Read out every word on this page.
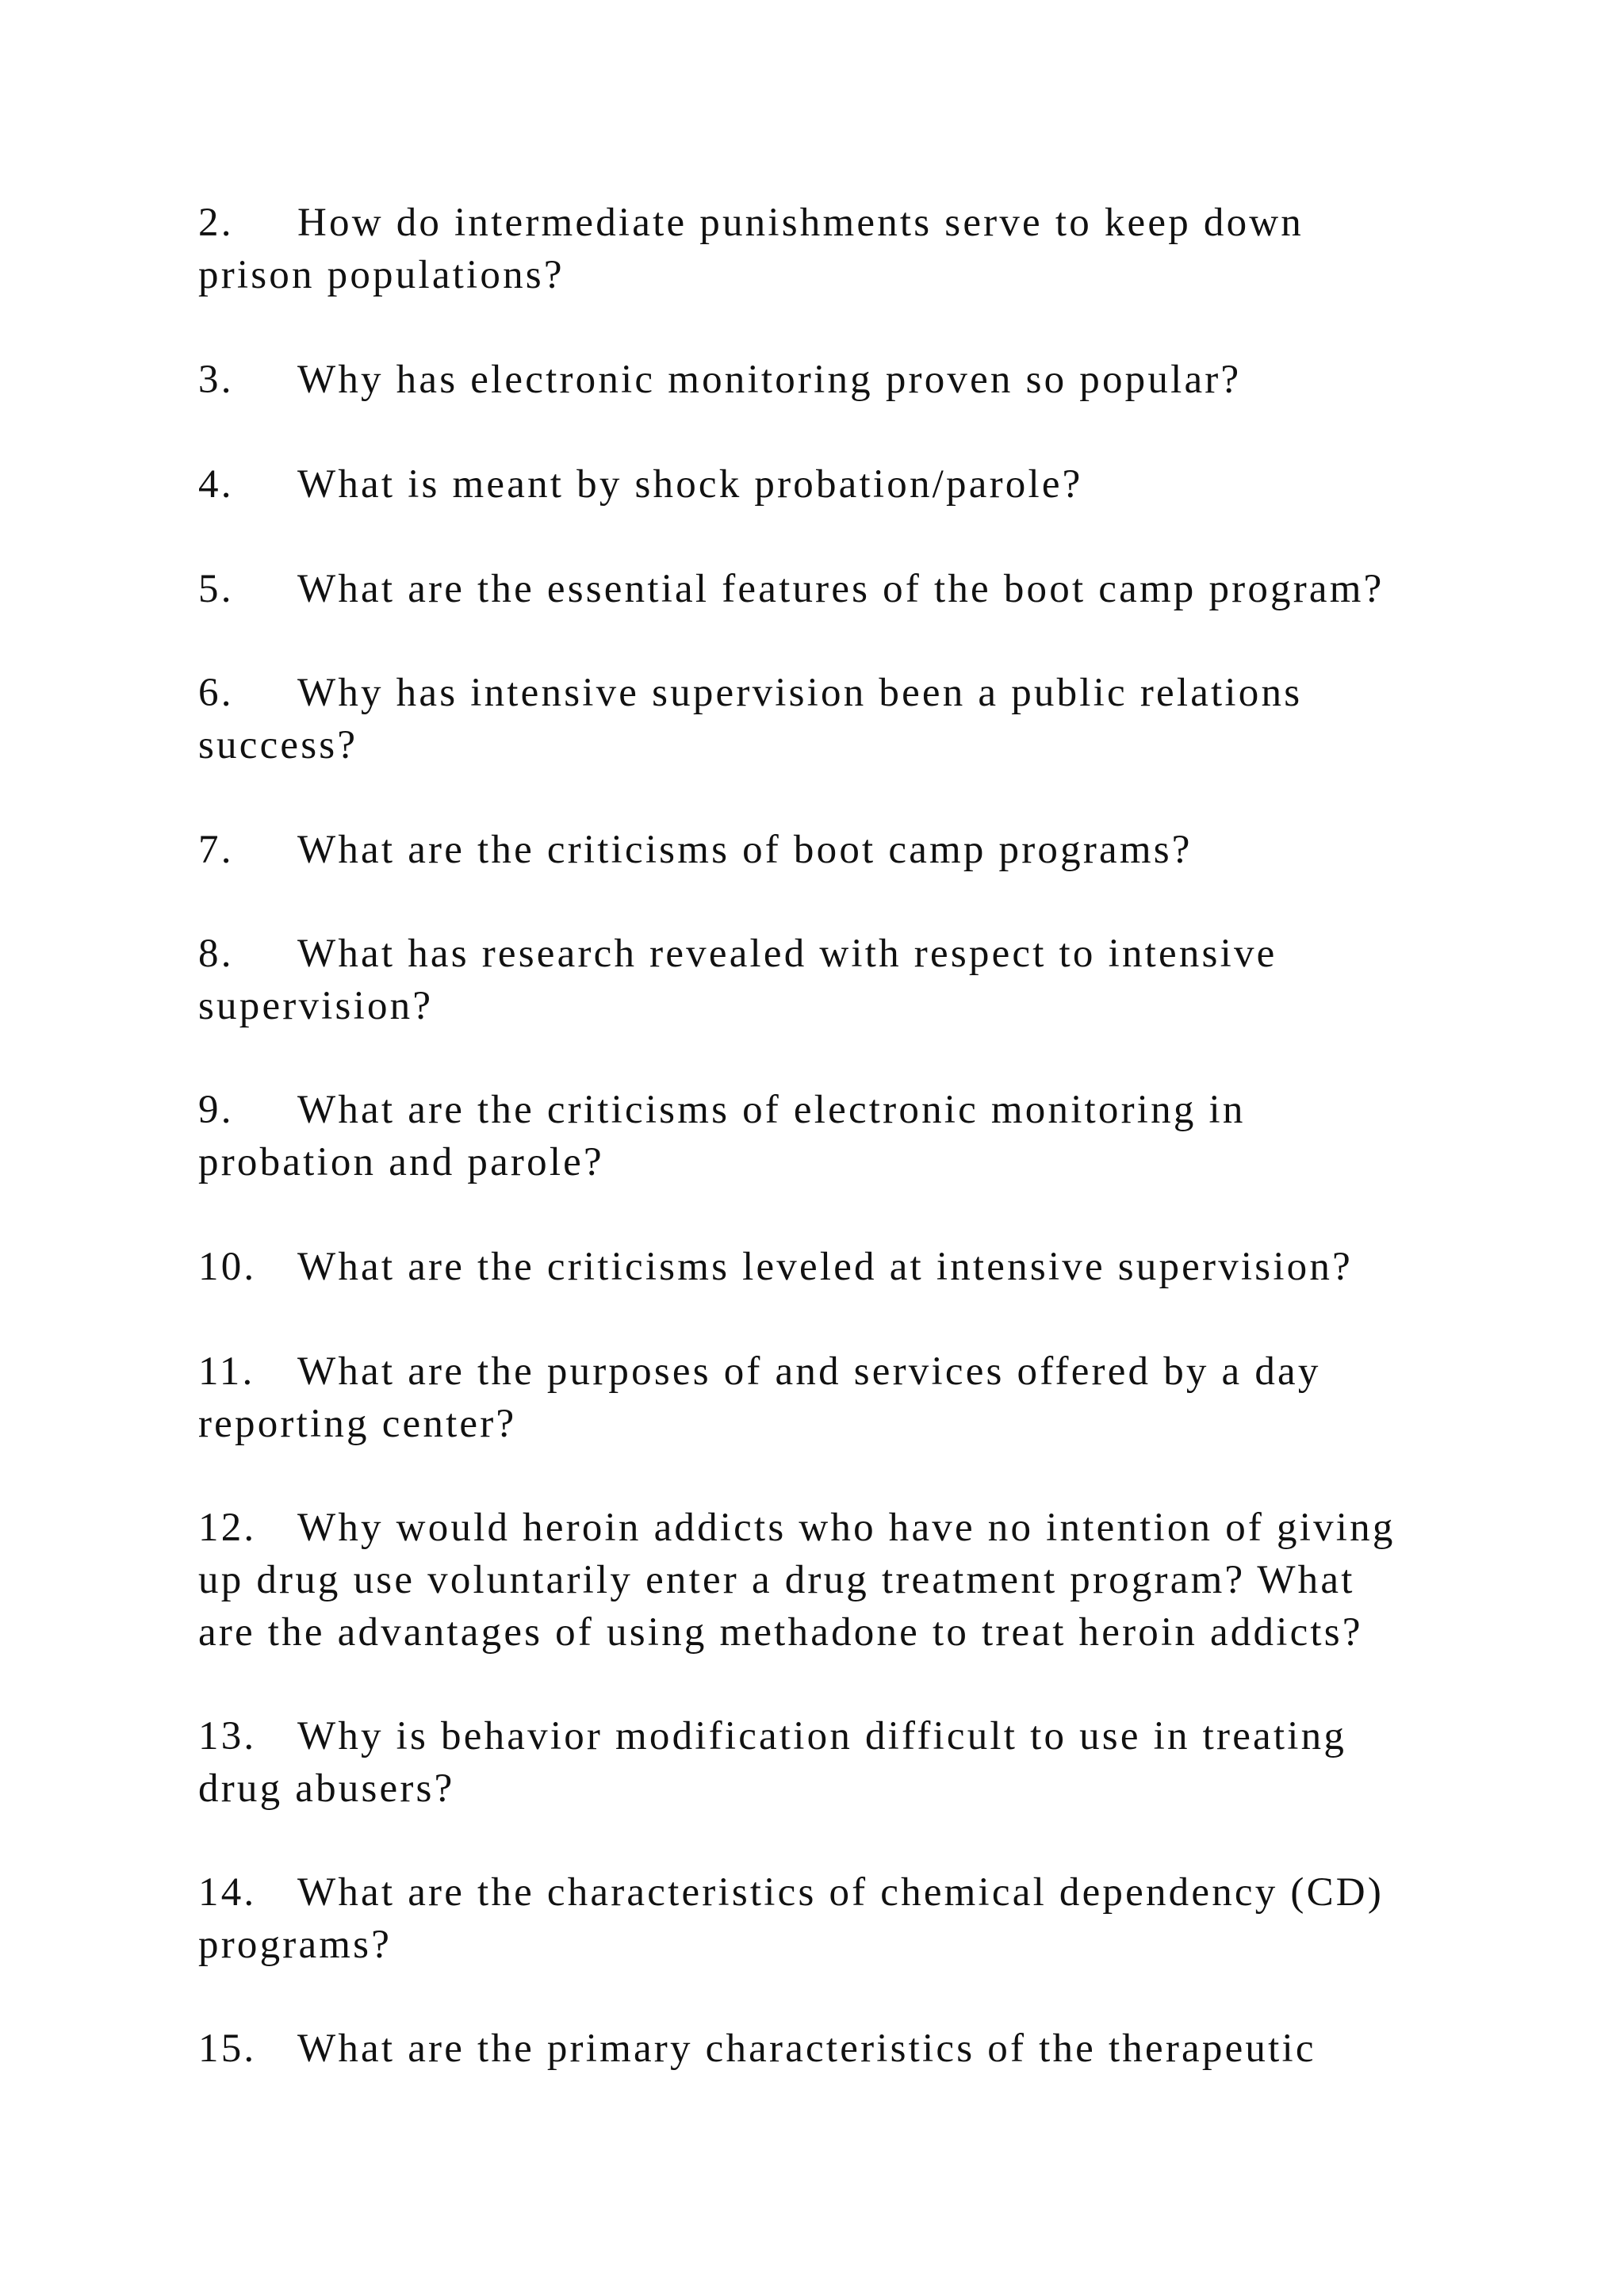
2. How do intermediate punishments serve to keep down
prison populations?
3. Why has electronic monitoring proven so popular?
4. What is meant by shock probation/parole?
5. What are the essential features of the boot camp program?
6. Why has intensive supervision been a public relations
success?
7. What are the criticisms of boot camp programs?
8. What has research revealed with respect to intensive
supervision?
9. What are the criticisms of electronic monitoring in
probation and parole?
10. What are the criticisms leveled at intensive supervision?
11. What are the purposes of and services offered by a day
reporting center?
12. Why would heroin addicts who have no intention of giving
up drug use voluntarily enter a drug treatment program? What
are the advantages of using methadone to treat heroin addicts?
13. Why is behavior modification difficult to use in treating
drug abusers?
14. What are the characteristics of chemical dependency (CD)
programs?
15. What are the primary characteristics of the therapeutic
